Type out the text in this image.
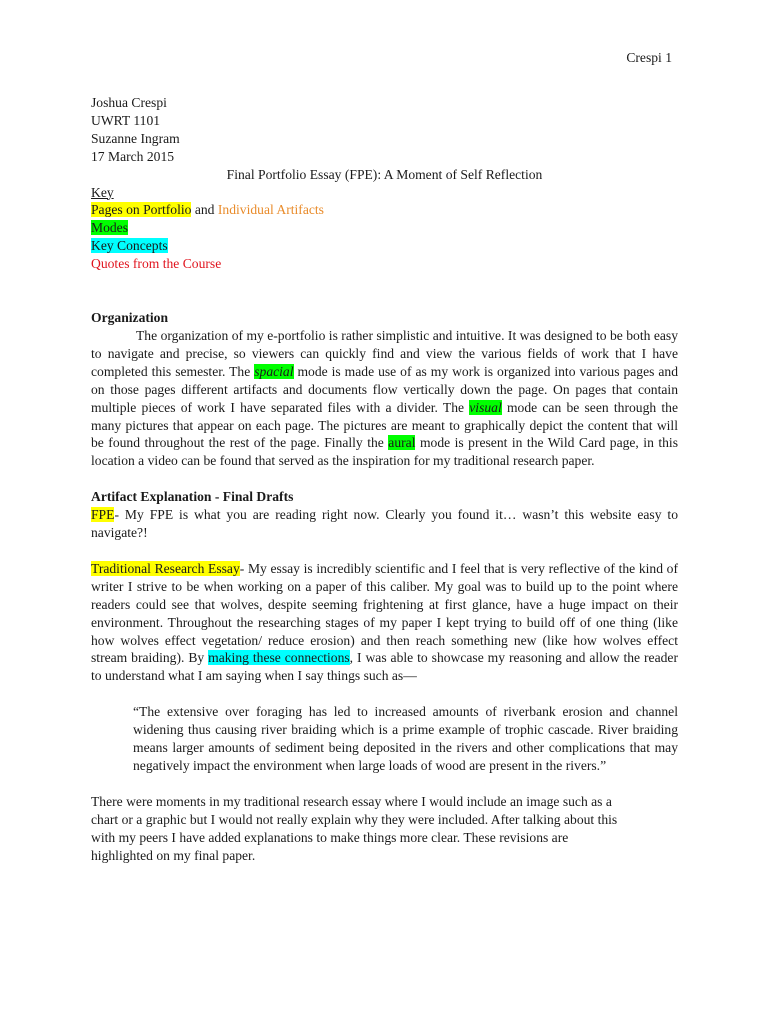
Crespi 1
Joshua Crespi
UWRT 1101
Suzanne Ingram
17 March 2015
Final Portfolio Essay (FPE): A Moment of Self Reflection
Key
Pages on Portfolio and Individual Artifacts
Modes
Key Concepts
Quotes from the Course
Organization

The organization of my e-portfolio is rather simplistic and intuitive. It was designed to be both easy to navigate and precise, so viewers can quickly find and view the various fields of work that I have completed this semester. The spacial mode is made use of as my work is organized into various pages and on those pages different artifacts and documents flow vertically down the page. On pages that contain multiple pieces of work I have separated files with a divider. The visual mode can be seen through the many pictures that appear on each page. The pictures are meant to graphically depict the content that will be found throughout the rest of the page. Finally the aural mode is present in the Wild Card page, in this location a video can be found that served as the inspiration for my traditional research paper.

Artifact Explanation - Final Drafts

FPE- My FPE is what you are reading right now. Clearly you found it… wasn’t this website easy to navigate?!

Traditional Research Essay- My essay is incredibly scientific and I feel that is very reflective of the kind of writer I strive to be when working on a paper of this caliber. My goal was to build up to the point where readers could see that wolves, despite seeming frightening at first glance, have a huge impact on their environment. Throughout the researching stages of my paper I kept trying to build off of one thing (like how wolves effect vegetation/ reduce erosion) and then reach something new (like how wolves effect stream braiding). By making these connections, I was able to showcase my reasoning and allow the reader to understand what I am saying when I say things such as—

“The extensive over foraging has led to increased amounts of riverbank erosion and channel widening thus causing river braiding which is a prime example of trophic cascade. River braiding means larger amounts of sediment being deposited in the rivers and other complications that may negatively impact the environment when large loads of wood are present in the rivers.”

There were moments in my traditional research essay where I would include an image such as a
chart or a graphic but I would not really explain why they were included. After talking about this
with my peers I have added explanations to make things more clear. These revisions are
highlighted on my final paper.
